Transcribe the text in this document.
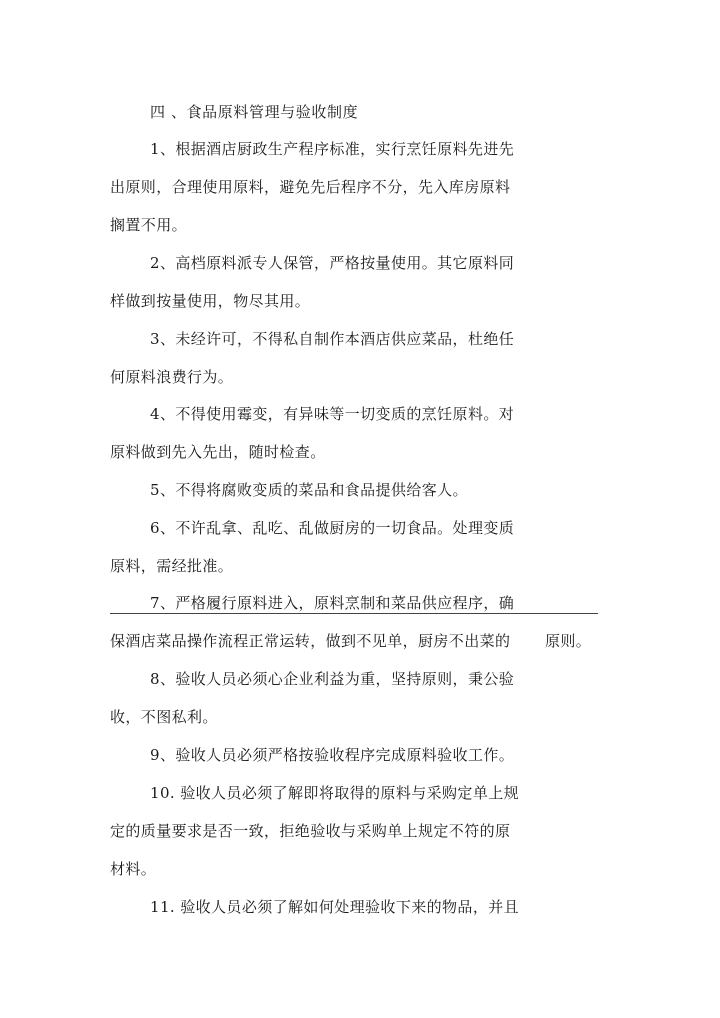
四 、食品原料管理与验收制度
1、根据酒店厨政生产程序标准，实行烹饪原料先进先
出原则，合理使用原料，避免先后程序不分，先入库房原料
搁置不用。
2、高档原料派专人保管，严格按量使用。其它原料同
样做到按量使用，物尽其用。
3、未经许可，不得私自制作本酒店供应菜品，杜绝任
何原料浪费行为。
4、不得使用霉变，有异味等一切变质的烹饪原料。对
原料做到先入先出，随时检查。
5、不得将腐败变质的菜品和食品提供给客人。
6、不许乱拿、乱吃、乱做厨房的一切食品。处理变质
原料，需经批准。
7、严格履行原料进入，原料烹制和菜品供应程序，确
保酒店菜品操作流程正常运转，做到不见单，厨房不出菜的 原则。
8、验收人员必须心企业利益为重，坚持原则，秉公验
收，不图私利。
9、验收人员必须严格按验收程序完成原料验收工作。
10. 验收人员必须了解即将取得的原料与采购定单上规
定的质量要求是否一致，拒绝验收与采购单上规定不符的原
材料。
11. 验收人员必须了解如何处理验收下来的物品，并且
